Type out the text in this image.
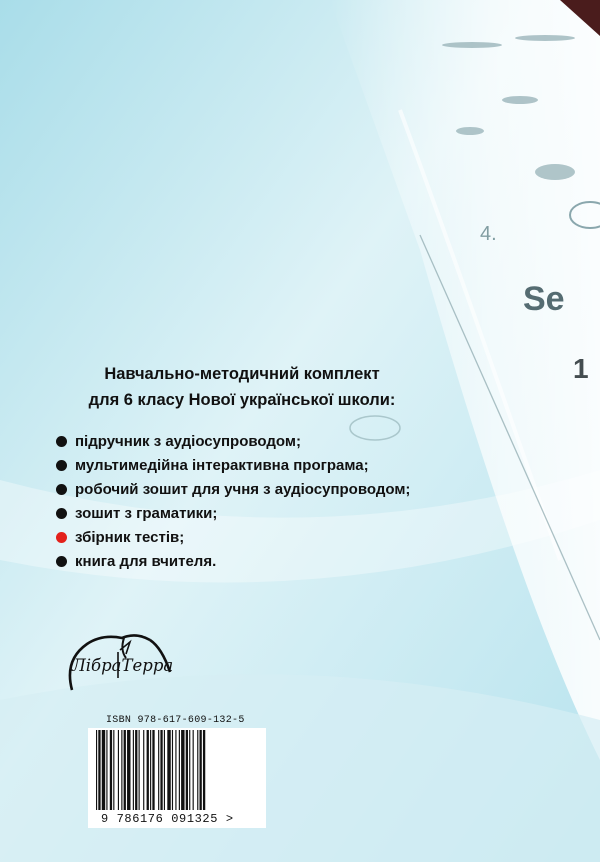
4.
Se
1
Навчально-методичний комплект
для 6 класу Нової української школи:
підручник з аудіосупроводом;
мультимедійна інтерактивна програма;
робочий зошит для учня з аудіосупроводом;
зошит з граматики;
збірник тестів;
книга для вчителя.
ЛібраТерра
ISBN 978-617-609-132-5
9 786176 091325 >
